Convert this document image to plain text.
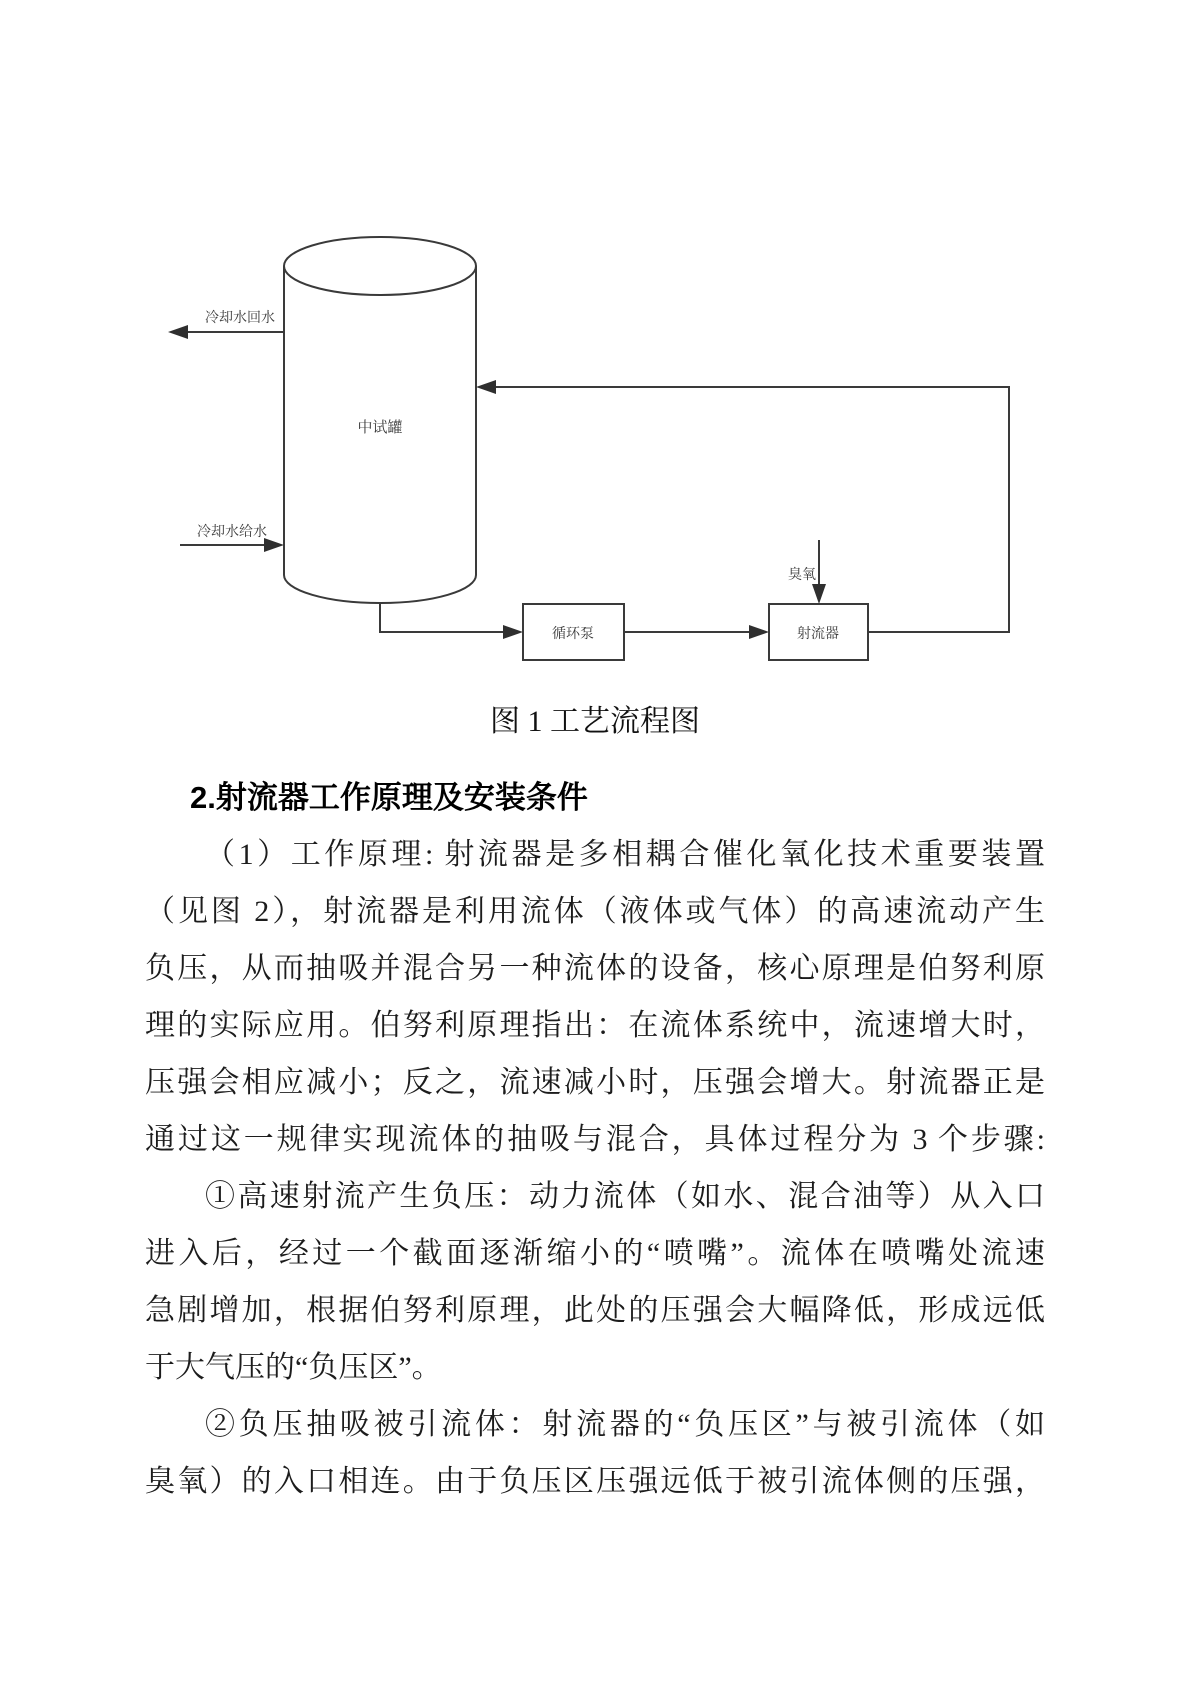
中试罐
冷却水回水
冷却水给水
循环泵	射流器
臭氧
图 1 工艺流程图
2.射流器工作原理及安装条件
（1）工作原理: 射流器是多相耦合催化氧化技术重要装置
（见图 2），射流器是利用流体（液体或气体）的高速流动产生
负压，从而抽吸并混合另一种流体的设备，核心原理是伯努利原
理的实际应用。伯努利原理指出：在流体系统中，流速增大时，
压强会相应减小；反之，流速减小时，压强会增大。射流器正是
通过这一规律实现流体的抽吸与混合，具体过程分为 3 个步骤:
①高速射流产生负压：动力流体（如水、混合油等）从入口
进入后，经过一个截面逐渐缩小的“喷嘴”。流体在喷嘴处流速
急剧增加，根据伯努利原理，此处的压强会大幅降低，形成远低
于大气压的“负压区”。
②负压抽吸被引流体：射流器的“负压区”与被引流体（如
臭氧）的入口相连。由于负压区压强远低于被引流体侧的压强，
